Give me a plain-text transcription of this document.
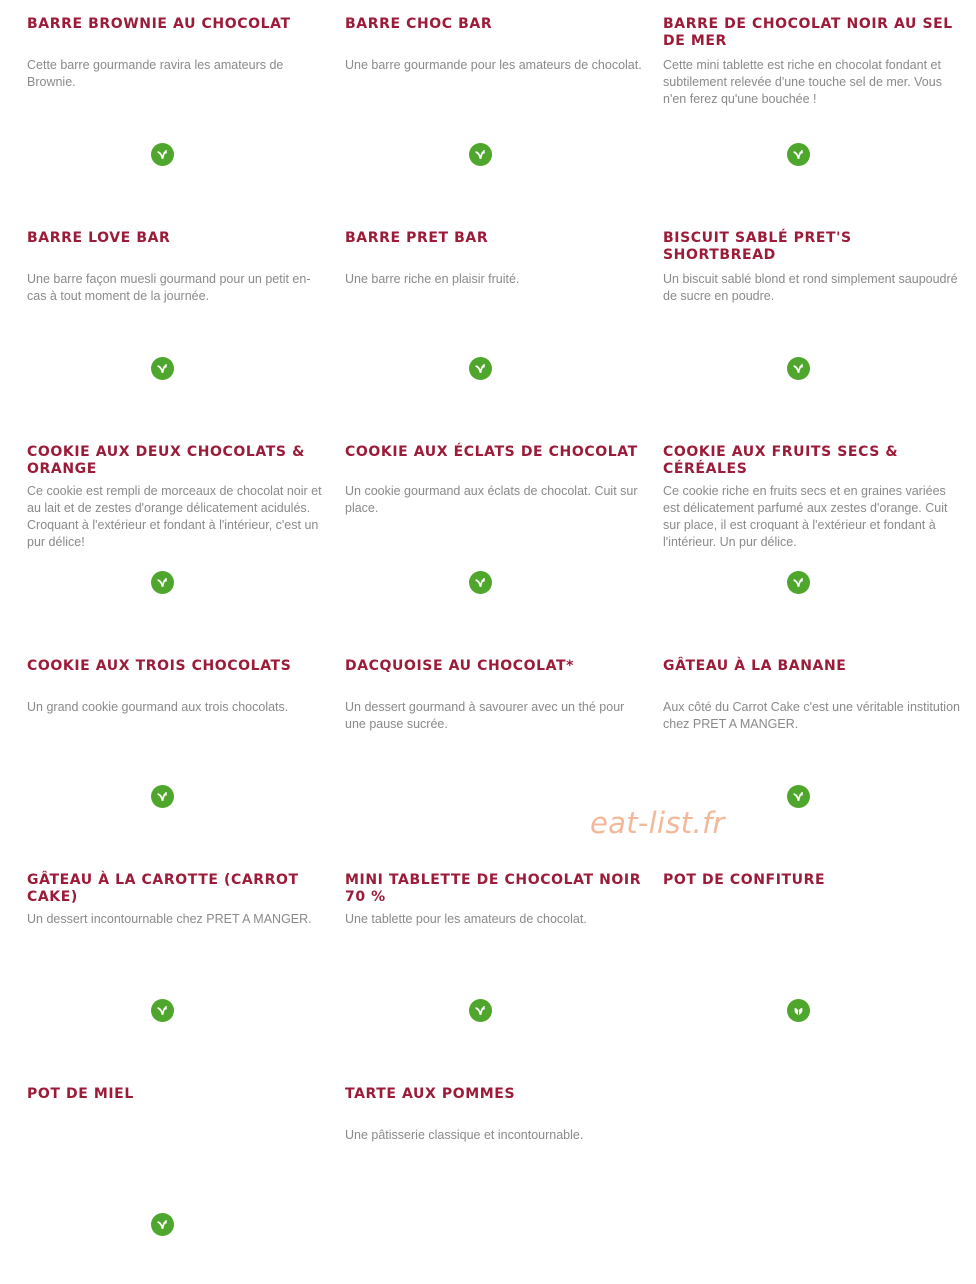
BARRE BROWNIE AU CHOCOLAT

Cette barre gourmande ravira les amateurs de Brownie.

BARRE CHOC BAR

Une barre gourmande pour les amateurs de chocolat.

BARRE DE CHOCOLAT NOIR AU SEL DE MER

Cette mini tablette est riche en chocolat fondant et subtilement relevée d'une touche sel de mer. Vous n'en ferez qu'une bouchée !

BARRE LOVE BAR

Une barre façon muesli gourmand pour un petit en-cas à tout moment de la journée.

BARRE PRET BAR

Une barre riche en plaisir fruité.

BISCUIT SABLÉ PRET'S SHORTBREAD

Un biscuit sablé blond et rond simplement saupoudré de sucre en poudre.

COOKIE AUX DEUX CHOCOLATS & ORANGE

Ce cookie est rempli de morceaux de chocolat noir et au lait et de zestes d'orange délicatement acidulés. Croquant à l'extérieur et fondant à l'intérieur, c'est un pur délice!

COOKIE AUX ÉCLATS DE CHOCOLAT

Un cookie gourmand aux éclats de chocolat. Cuit sur place.

COOKIE AUX FRUITS SECS & CÉRÉALES

Ce cookie riche en fruits secs et en graines variées est délicatement parfumé aux zestes d'orange. Cuit sur place, il est croquant à l'extérieur et fondant à l'intérieur. Un pur délice.

COOKIE AUX TROIS CHOCOLATS

Un grand cookie gourmand aux trois chocolats.

DACQUOISE AU CHOCOLAT*

Un dessert gourmand à savourer avec un thé pour une pause sucrée.

GÂTEAU À LA BANANE

Aux côté du Carrot Cake c'est une véritable institution chez PRET A MANGER.

GÂTEAU À LA CAROTTE (CARROT CAKE)

Un dessert incontournable chez PRET A MANGER.

MINI TABLETTE DE CHOCOLAT NOIR 70 %

Une tablette pour les amateurs de chocolat.

POT DE CONFITURE

POT DE MIEL	TARTE AUX POMMES

Une pâtisserie classique et incontournable.

eat-list.fr
